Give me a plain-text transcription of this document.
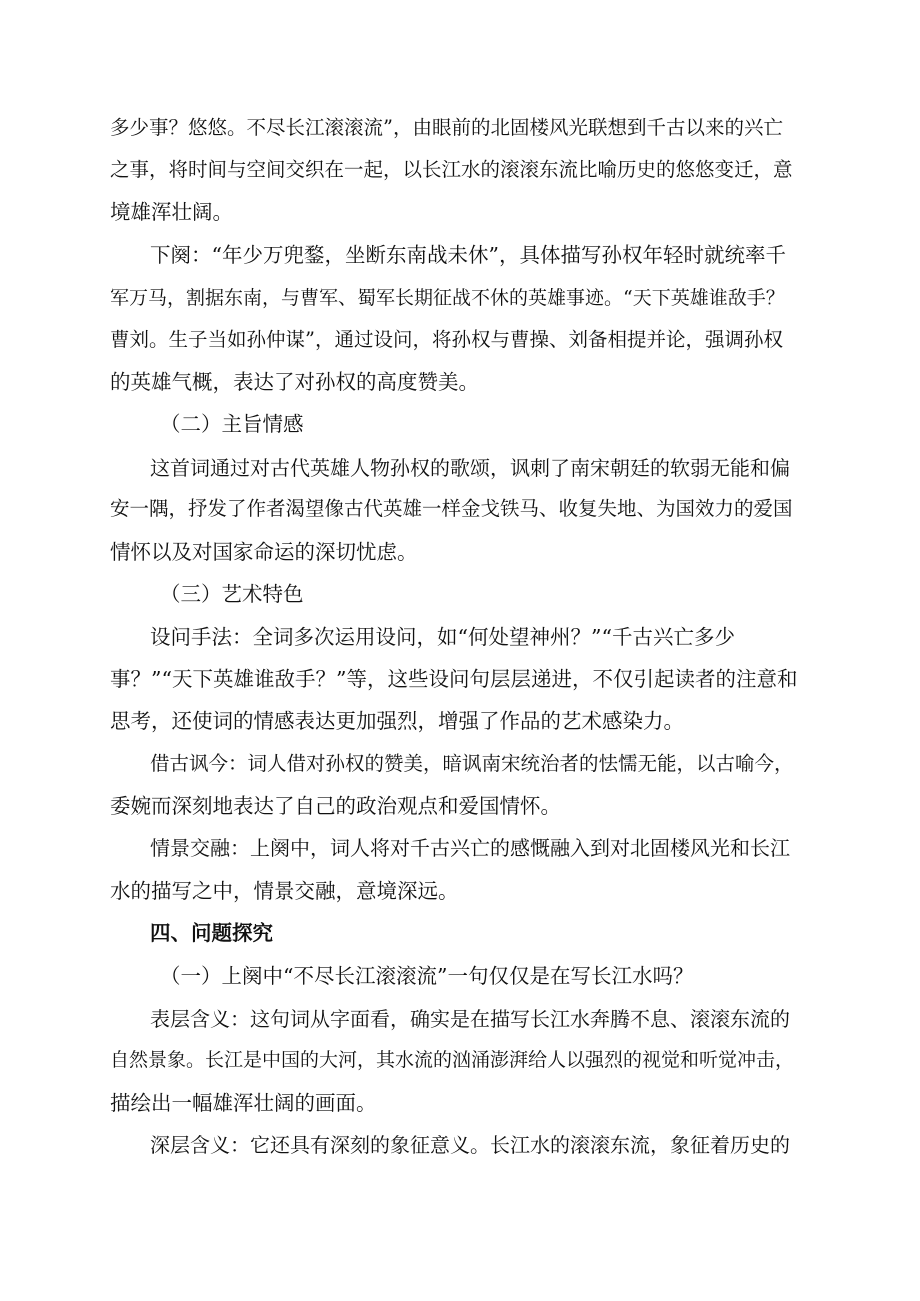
多少事？悠悠。不尽长江滚滚流”，由眼前的北固楼风光联想到千古以来的兴亡
之事，将时间与空间交织在一起，以长江水的滚滚东流比喻历史的悠悠变迁，意
境雄浑壮阔。
下阕：“年少万兜鍪，坐断东南战未休”，具体描写孙权年轻时就统率千
军万马，割据东南，与曹军、蜀军长期征战不休的英雄事迹。“天下英雄谁敌手？
曹刘。生子当如孙仲谋”，通过设问，将孙权与曹操、刘备相提并论，强调孙权
的英雄气概，表达了对孙权的高度赞美。
（二）主旨情感
这首词通过对古代英雄人物孙权的歌颂，讽刺了南宋朝廷的软弱无能和偏
安一隅，抒发了作者渴望像古代英雄一样金戈铁马、收复失地、为国效力的爱国
情怀以及对国家命运的深切忧虑。
（三）艺术特色
设问手法：全词多次运用设问，如“何处望神州？”“千古兴亡多少
事？”“天下英雄谁敌手？”等，这些设问句层层递进，不仅引起读者的注意和
思考，还使词的情感表达更加强烈，增强了作品的艺术感染力。
借古讽今：词人借对孙权的赞美，暗讽南宋统治者的怯懦无能，以古喻今，
委婉而深刻地表达了自己的政治观点和爱国情怀。
情景交融：上阕中，词人将对千古兴亡的感慨融入到对北固楼风光和长江
水的描写之中，情景交融，意境深远。
四、问题探究
（一）上阕中“不尽长江滚滚流”一句仅仅是在写长江水吗？
表层含义：这句词从字面看，确实是在描写长江水奔腾不息、滚滚东流的
自然景象。长江是中国的大河，其水流的汹涌澎湃给人以强烈的视觉和听觉冲击，
描绘出一幅雄浑壮阔的画面。
深层含义：它还具有深刻的象征意义。长江水的滚滚东流，象征着历史的
